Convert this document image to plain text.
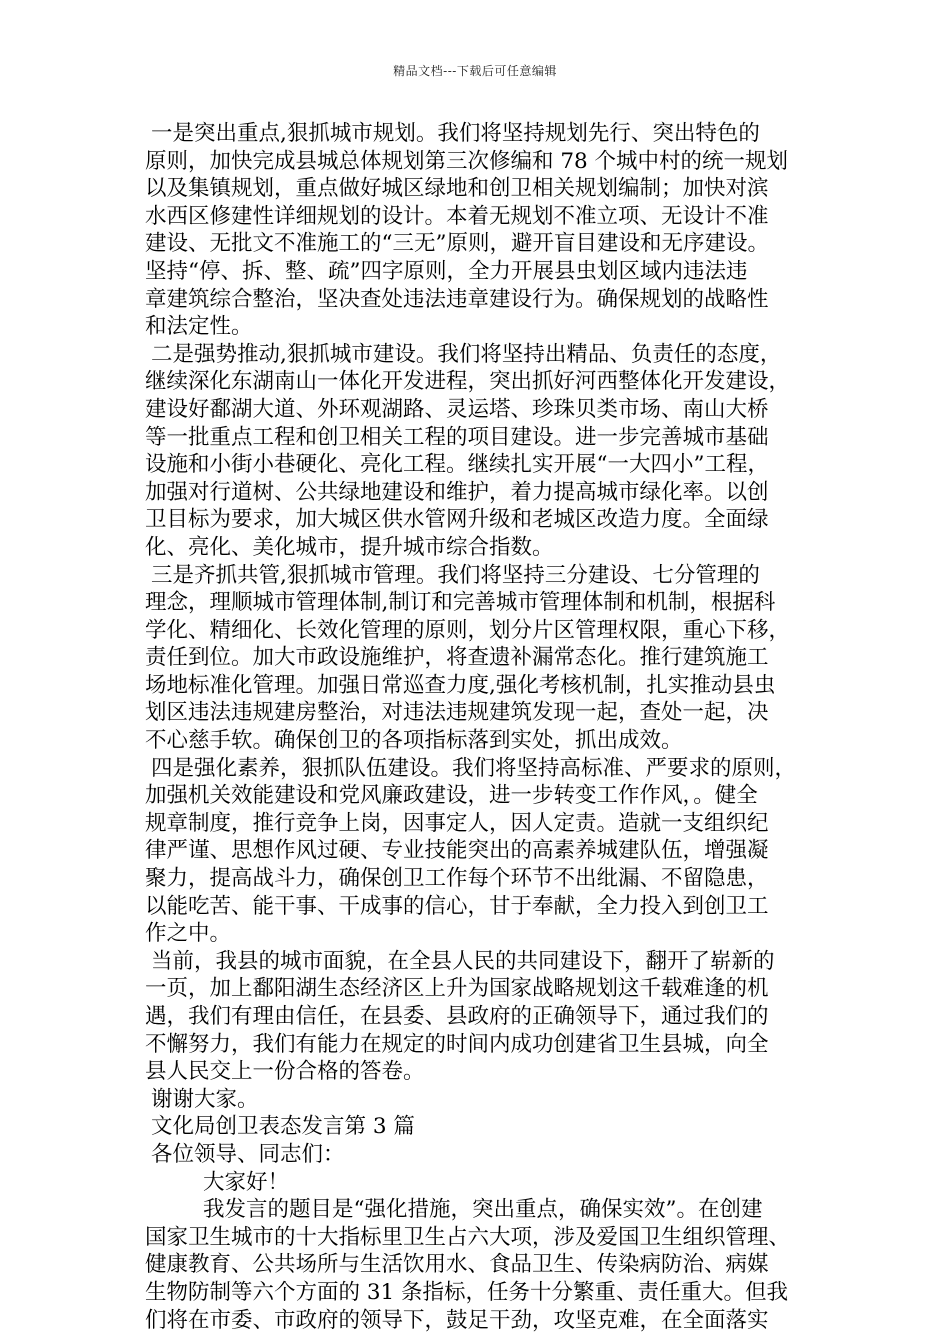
精品文档---下载后可任意编辑
一是突出重点,狠抓城市规划。我们将坚持规划先行、突出特色的
原则，加快完成县城总体规划第三次修编和 78 个城中村的统一规划
以及集镇规划，重点做好城区绿地和创卫相关规划编制；加快对滨
水西区修建性详细规划的设计。本着无规划不准立项、无设计不准
建设、无批文不准施工的“三无”原则，避开盲目建设和无序建设。
坚持“停、拆、整、疏”四字原则，全力开展县虫划区域内违法违
章建筑综合整治，坚决查处违法违章建设行为。确保规划的战略性
和法定性。
二是强势推动,狠抓城市建设。我们将坚持出精品、负责任的态度，
继续深化东湖南山一体化开发进程，突出抓好河西整体化开发建设，
建设好鄱湖大道、外环观湖路、灵运塔、珍珠贝类市场、南山大桥
等一批重点工程和创卫相关工程的项目建设。进一步完善城市基础
设施和小街小巷硬化、亮化工程。继续扎实开展“一大四小”工程，
加强对行道树、公共绿地建设和维护，着力提高城市绿化率。以创
卫目标为要求，加大城区供水管网升级和老城区改造力度。全面绿
化、亮化、美化城市，提升城市综合指数。
三是齐抓共管,狠抓城市管理。我们将坚持三分建设、七分管理的
理念，理顺城市管理体制,制订和完善城市管理体制和机制，根据科
学化、精细化、长效化管理的原则，划分片区管理权限，重心下移，
责任到位。加大市政设施维护，将查遗补漏常态化。推行建筑施工
场地标准化管理。加强日常巡查力度,强化考核机制，扎实推动县虫
划区违法违规建房整治，对违法违规建筑发现一起，查处一起，决
不心慈手软。确保创卫的各项指标落到实处，抓出成效。
四是强化素养，狠抓队伍建设。我们将坚持高标准、严要求的原则，
加强机关效能建设和党风廉政建设，进一步转变工作作风，。健全
规章制度，推行竞争上岗，因事定人，因人定责。造就一支组织纪
律严谨、思想作风过硬、专业技能突出的高素养城建队伍，增强凝
聚力，提高战斗力，确保创卫工作每个环节不出纰漏、不留隐患，
以能吃苦、能干事、干成事的信心，甘于奉献，全力投入到创卫工
作之中。
当前，我县的城市面貌，在全县人民的共同建设下，翻开了崭新的
一页，加上鄱阳湖生态经济区上升为国家战略规划这千载难逢的机
遇，我们有理由信任，在县委、县政府的正确领导下，通过我们的
不懈努力，我们有能力在规定的时间内成功创建省卫生县城，向全
县人民交上一份合格的答卷。
谢谢大家。
文化局创卫表态发言第 3 篇
各位领导、同志们：
大家好！
我发言的题目是“强化措施，突出重点，确保实效”。在创建
国家卫生城市的十大指标里卫生占六大项，涉及爱国卫生组织管理、
健康教育、公共场所与生活饮用水、食品卫生、传染病防治、病媒
生物防制等六个方面的 31 条指标，任务十分繁重、责任重大。但我
们将在市委、市政府的领导下，鼓足干劲，攻坚克难，在全面落实
